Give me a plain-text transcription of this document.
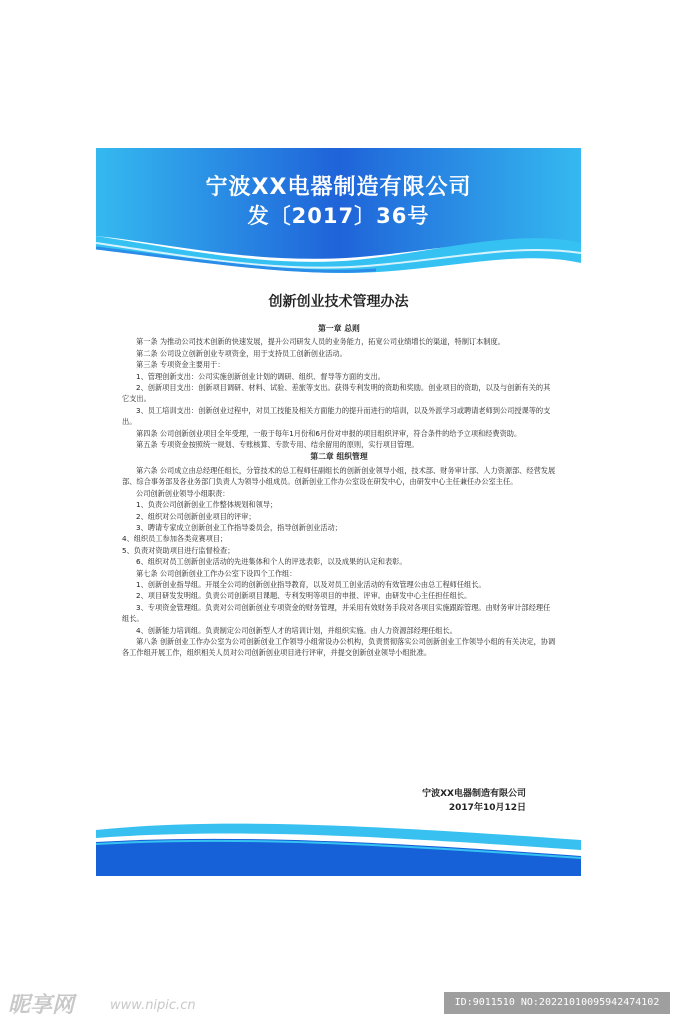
宁波XX电器制造有限公司
发〔2017〕36号
创新创业技术管理办法
第一章 总则

第一条 为推动公司技术创新的快速发展，提升公司研发人员的业务能力，拓宽公司业绩增长的渠道，特制订本制度。

第二条 公司设立创新创业专项资金，用于支持员工创新创业活动。

第三条 专项资金主要用于：

1、管理创新支出：公司实施创新创业计划的调研、组织、督导等方面的支出。

2、创新项目支出：创新项目调研、材料、试验、差旅等支出。获得专利发明的资助和奖励。创业项目的资助，以及与创新有关的其它支出。

3、员工培训支出：创新创业过程中，对员工技能及相关方面能力的提升而进行的培训，以及外派学习或聘请老师到公司授课等的支出。

第四条 公司创新创业项目全年受理，一般于每年1月份和6月份对申报的项目组织评审，符合条件的给予立项和经费资助。

第五条 专项资金按照统一规划、专账核算、专款专用、结余留用的原则，实行项目管理。

第二章 组织管理

第六条 公司成立由总经理任组长，分管技术的总工程师任副组长的创新创业领导小组，技术部、财务审计部、人力资源部、经营发展部、综合事务部及各业务部门负责人为领导小组成员。创新创业工作办公室设在研发中心，由研发中心主任兼任办公室主任。

公司创新创业领导小组职责：

1、负责公司创新创业工作整体规划和领导；

2、组织对公司创新创业项目的评审；

3、聘请专家成立创新创业工作指导委员会，指导创新创业活动；

4、组织员工参加各类竞赛项目；

5、负责对资助项目进行监督检查；

6、组织对员工创新创业活动的先进集体和个人的评选表彰，以及成果的认定和表彰。

第七条 公司创新创业工作办公室下设四个工作组：

1、创新创业指导组。开展全公司的创新创业指导教育，以及对员工创业活动的有效管理公由总工程师任组长。

2、项目研发发明组。负责公司创新项目课题、专利发明等项目的申报、评审。由研发中心主任担任组长。

3、专项资金管理组。负责对公司创新创业专项资金的财务管理，并采用有效财务手段对各项目实施跟踪管理。由财务审计部经理任组长。

4、创新能力培训组。负责制定公司创新型人才的培训计划，并组织实施。由人力资源部经理任组长。

第八条 创新创业工作办公室为公司创新创业工作领导小组常设办公机构，负责贯彻落实公司创新创业工作领导小组的有关决定，协调各工作组开展工作，组织相关人员对公司创新创业项目进行评审，并提交创新创业领导小组批准。

宁波XX电器制造有限公司
2017年10月12日
昵享网	www.nipic.cn	ID:9011510 NO:20221010095942474102
